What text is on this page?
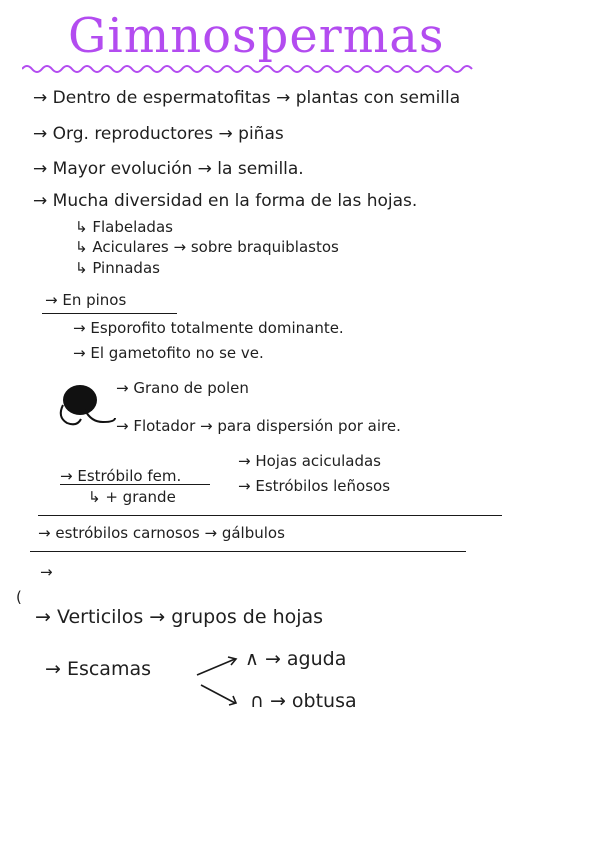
Gimnospermas
→ Dentro de espermatofitas → plantas con semilla
→ Org. reproductores → piñas
→ Mayor evolución → la semilla.
→ Mucha diversidad en la forma de las hojas.
↳ Flabeladas
↳ Aciculares → sobre braquiblastos
↳ Pinnadas
→ En pinos
→ Esporofito totalmente dominante.
→ El gametofito no se ve.
→ Grano de polen
→ Flotador → para dispersión por aire.
→ Estróbilo fem.
↳ + grande
→ Hojas aciculadas
→ Estróbilos leñosos
→ estróbilos carnosos → gálbulos
→
(
→ Verticilos → grupos de hojas
→ Escamas	∧ → aguda
∩ → obtusa
